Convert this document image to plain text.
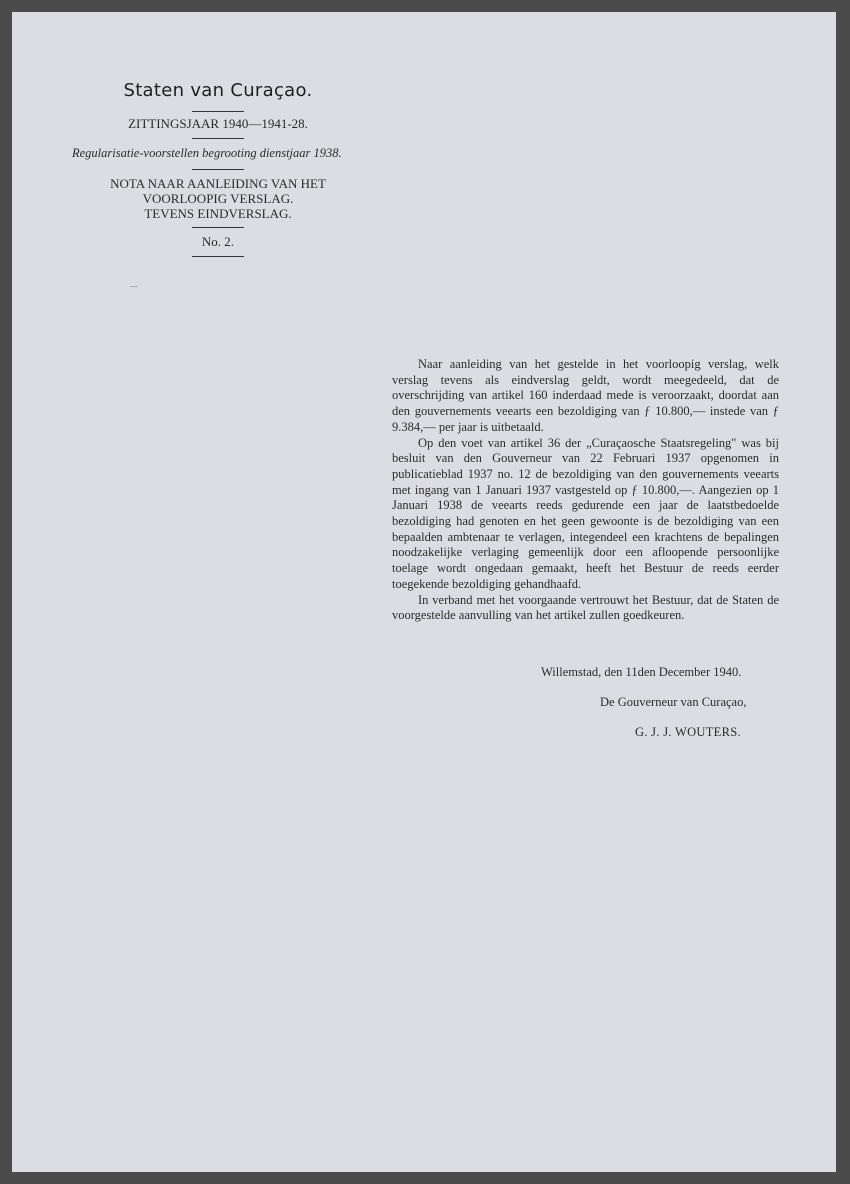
Staten van Curaçao.
ZITTINGSJAAR 1940—1941-28.
Regularisatie-voorstellen begrooting dienstjaar 1938.
NOTA NAAR AANLEIDING VAN HET
VOORLOOPIG VERSLAG.
TEVENS EINDVERSLAG.
No. 2.

Naar aanleiding van het gestelde in het voorloopig verslag, welk verslag tevens als eindverslag geldt, wordt meegedeeld, dat de overschrijding van artikel 160 inderdaad mede is veroorzaakt, doordat aan den gouvernements veearts een bezoldiging van ƒ 10.800,— instede van ƒ 9.384,— per jaar is uitbetaald.

Op den voet van artikel 36 der „Curaçaosche Staatsregeling" was bij besluit van den Gouverneur van 22 Februari 1937 opgenomen in publicatieblad 1937 no. 12 de bezoldiging van den gouvernements veearts met ingang van 1 Januari 1937 vastgesteld op ƒ 10.800,—. Aangezien op 1 Januari 1938 de veearts reeds gedurende een jaar de laatstbedoelde bezoldiging had genoten en het geen gewoonte is de bezoldiging van een bepaalden ambtenaar te verlagen, integendeel een krachtens de bepalingen noodzakelijke verlaging gemeenlijk door een afloopende persoonlijke toelage wordt ongedaan gemaakt, heeft het Bestuur de reeds eerder toegekende bezoldiging gehandhaafd.

In verband met het voorgaande vertrouwt het Bestuur, dat de Staten de voorgestelde aanvulling van het artikel zullen goedkeuren.

Willemstad, den 11den December 1940.
De Gouverneur van Curaçao,
G. J. J. WOUTERS.
